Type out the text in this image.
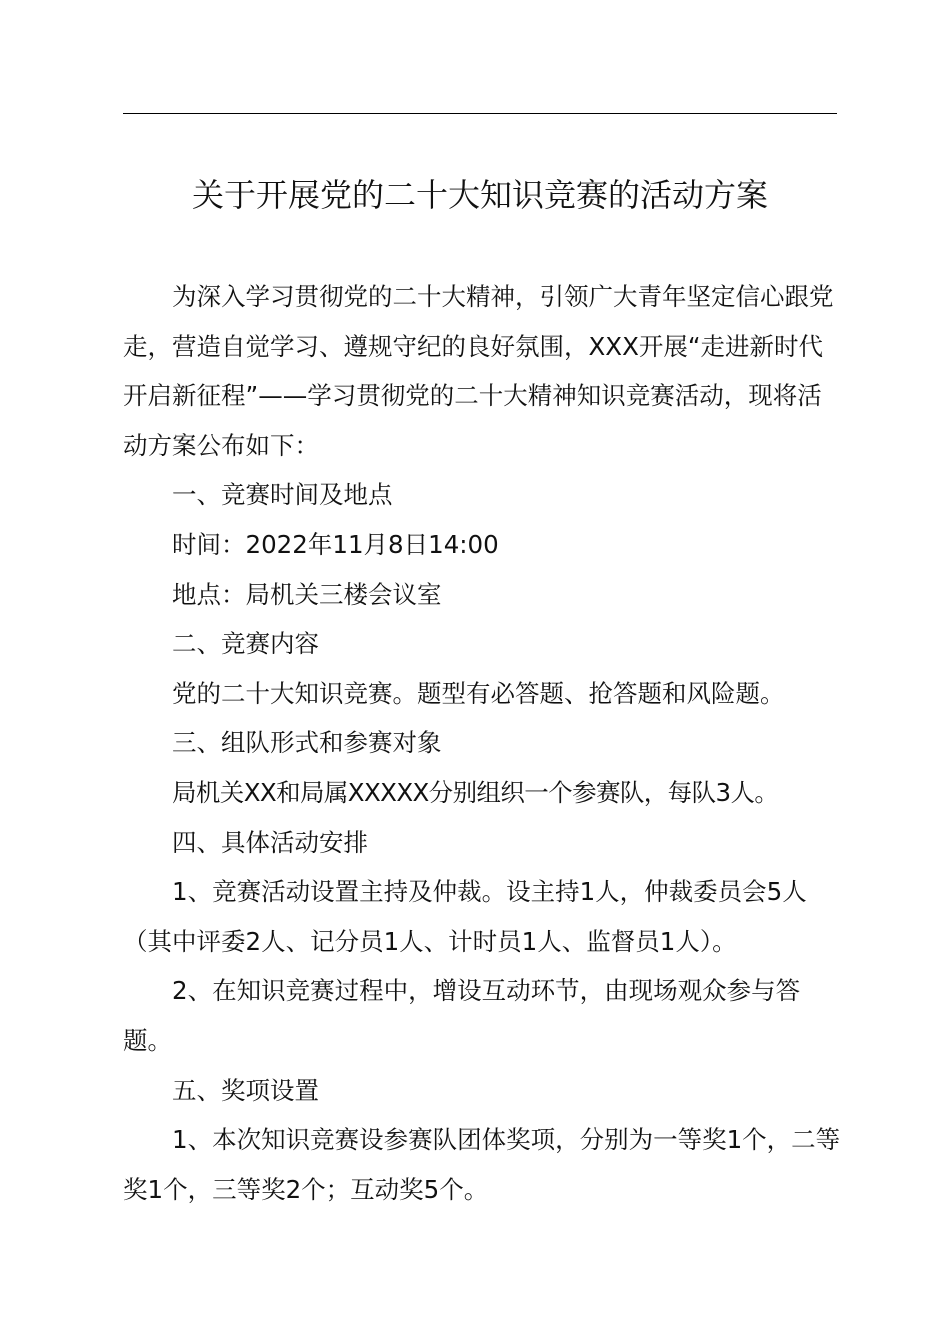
关于开展党的二十大知识竞赛的活动方案

为深入学习贯彻党的二十大精神，引领广大青年坚定信心跟党走，营造自觉学习、遵规守纪的良好氛围，XXX开展“走进新时代开启新征程”——学习贯彻党的二十大精神知识竞赛活动，现将活动方案公布如下：

一、竞赛时间及地点

时间：2022年11月8日14:00

地点：局机关三楼会议室

二、竞赛内容

党的二十大知识竞赛。题型有必答题、抢答题和风险题。

三、组队形式和参赛对象

局机关XX和局属XXXXX分别组织一个参赛队，每队3人。

四、具体活动安排

1、竞赛活动设置主持及仲裁。设主持1人，仲裁委员会5人（其中评委2人、记分员1人、计时员1人、监督员1人）。

2、在知识竞赛过程中，增设互动环节，由现场观众参与答题。

五、奖项设置

1、本次知识竞赛设参赛队团体奖项，分别为一等奖1个，二等奖1个，三等奖2个；互动奖5个。
